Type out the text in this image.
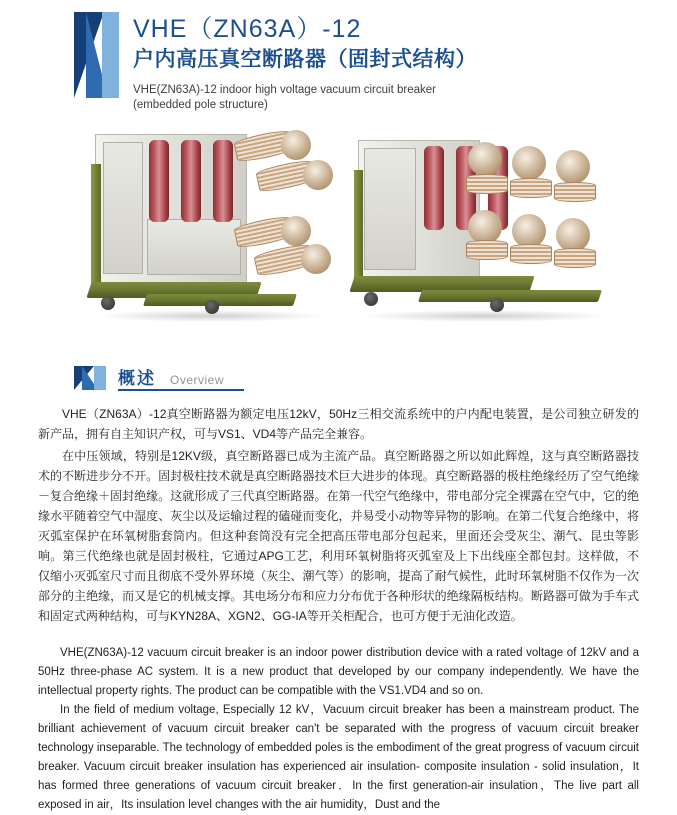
VHE（ZN63A）-12
户内高压真空断路器（固封式结构）
VHE(ZN63A)-12 indoor high voltage vacuum circuit breaker
(embedded pole structure)
概述 Overview

VHE（ZN63A）-12真空断路器为额定电压12kV，50Hz三相交流系统中的户内配电装置，是公司独立研发的新产品，拥有自主知识产权，可与VS1、VD4等产品完全兼容。

在中压领域，特别是12KV级，真空断路器已成为主流产品。真空断路器之所以如此辉煌，这与真空断路器技术的不断进步分不开。固封极柱技术就是真空断路器技术巨大进步的体现。真空断路器的极柱绝缘经历了空气绝缘－复合绝缘＋固封绝缘。这就形成了三代真空断路器。在第一代空气绝缘中，带电部分完全裸露在空气中，它的绝缘水平随着空气中湿度、灰尘以及运输过程的磕碰而变化，并易受小动物等异物的影响。在第二代复合绝缘中，将灭弧室保护在环氧树脂套筒内。但这种套筒没有完全把高压带电部分包起来，里面还会受灰尘、潮气、昆虫等影响。第三代绝缘也就是固封极柱，它通过APG工艺，利用环氧树脂将灭弧室及上下出线座全都包封。这样做，不仅缩小灭弧室尺寸而且彻底不受外界环境（灰尘、潮气等）的影响，提高了耐气候性，此时环氧树脂不仅作为一次部分的主绝缘，而又是它的机械支撑。其电场分布和应力分布优于各种形状的绝缘隔板结构。断路器可做为手车式和固定式两种结构，可与KYN28A、XGN2、GG-IA等开关柜配合，也可方便于无油化改造。

VHE(ZN63A)-12 vacuum circuit breaker is an indoor power distribution device with a rated voltage of 12kV and a 50Hz three-phase AC system. It is a new product that developed by our company independently. We have the intellectual property rights. The product can be compatible with the VS1.VD4 and so on.

In the field of medium voltage, Especially 12 kV，Vacuum circuit breaker has been a mainstream product. The brilliant achievement of vacuum circuit breaker can't be separated with the progress of vacuum circuit breaker technology inseparable. The technology of embedded poles is the embodiment of the great progress of vacuum circuit breaker. Vacuum circuit breaker insulation has experienced air insulation- composite insulation - solid insulation，It has formed three generations of vacuum circuit breaker．In the first generation-air insulation，The live part all exposed in air，Its insulation level changes with the air humidity，Dust and the
